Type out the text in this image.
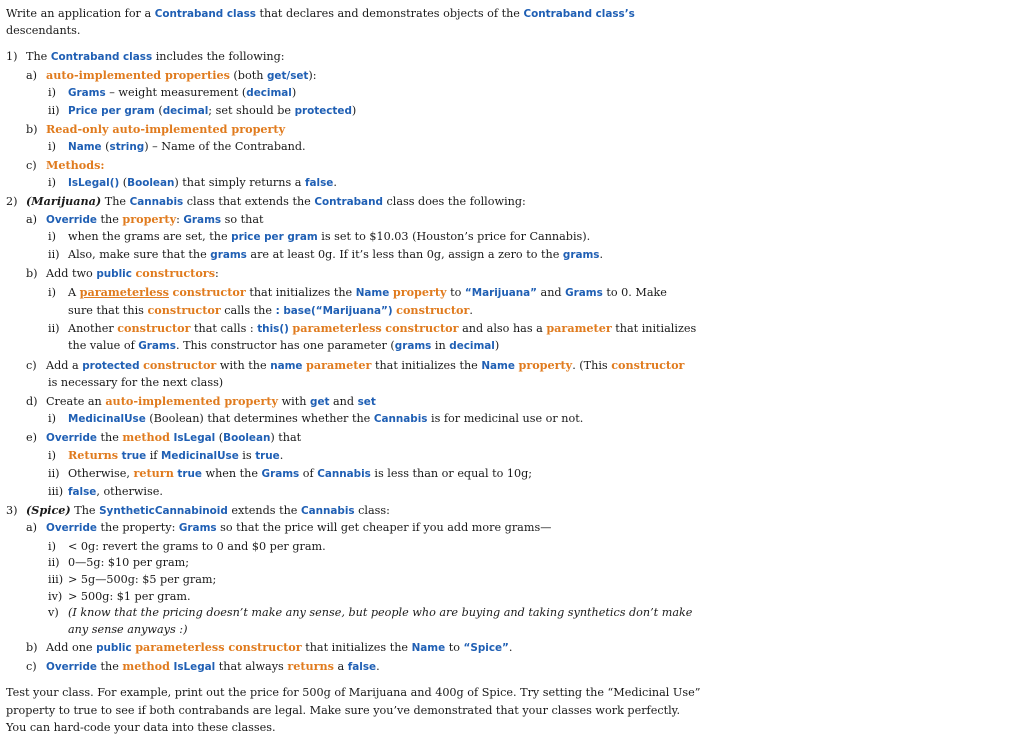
Write an application for a Contraband class that declares and demonstrates objects of the Contraband class’s
descendants.
1) The Contraband class includes the following:
a) auto-implemented properties (both get/set):
i) Grams – weight measurement (decimal)
ii) Price per gram (decimal; set should be protected)
b) Read-only auto-implemented property
i) Name (string) – Name of the Contraband.
c) Methods:
i) IsLegal() (Boolean) that simply returns a false.
2) (Marijuana) The Cannabis class that extends the Contraband class does the following:
a) Override the property: Grams so that
i) when the grams are set, the price per gram is set to $10.03 (Houston’s price for Cannabis).
ii) Also, make sure that the grams are at least 0g. If it’s less than 0g, assign a zero to the grams.
b) Add two public constructors:
i) A parameterless constructor that initializes the Name property to “Marijuana” and Grams to 0. Make
sure that this constructor calls the : base(“Marijuana”) constructor.
ii) Another constructor that calls : this() parameterless constructor and also has a parameter that initializes
the value of Grams. This constructor has one parameter (grams in decimal)
c) Add a protected constructor with the name parameter that initializes the Name property. (This constructor
is necessary for the next class)
d) Create an auto-implemented property with get and set
i) MedicinalUse (Boolean) that determines whether the Cannabis is for medicinal use or not.
e) Override the method IsLegal (Boolean) that
i) Returns true if MedicinalUse is true.
ii) Otherwise, return true when the Grams of Cannabis is less than or equal to 10g;
iii) false, otherwise.
3) (Spice) The SyntheticCannabinoid extends the Cannabis class:
a) Override the property: Grams so that the price will get cheaper if you add more grams—
i) < 0g: revert the grams to 0 and $0 per gram.
ii) 0—5g: $10 per gram;
iii) > 5g—500g: $5 per gram;
iv) > 500g: $1 per gram.
v) (I know that the pricing doesn’t make any sense, but people who are buying and taking synthetics don’t make
any sense anyways :)
b) Add one public parameterless constructor that initializes the Name to “Spice”.
c) Override the method IsLegal that always returns a false.
Test your class. For example, print out the price for 500g of Marijuana and 400g of Spice. Try setting the “Medicinal Use”
property to true to see if both contrabands are legal. Make sure you’ve demonstrated that your classes work perfectly.
You can hard-code your data into these classes.
